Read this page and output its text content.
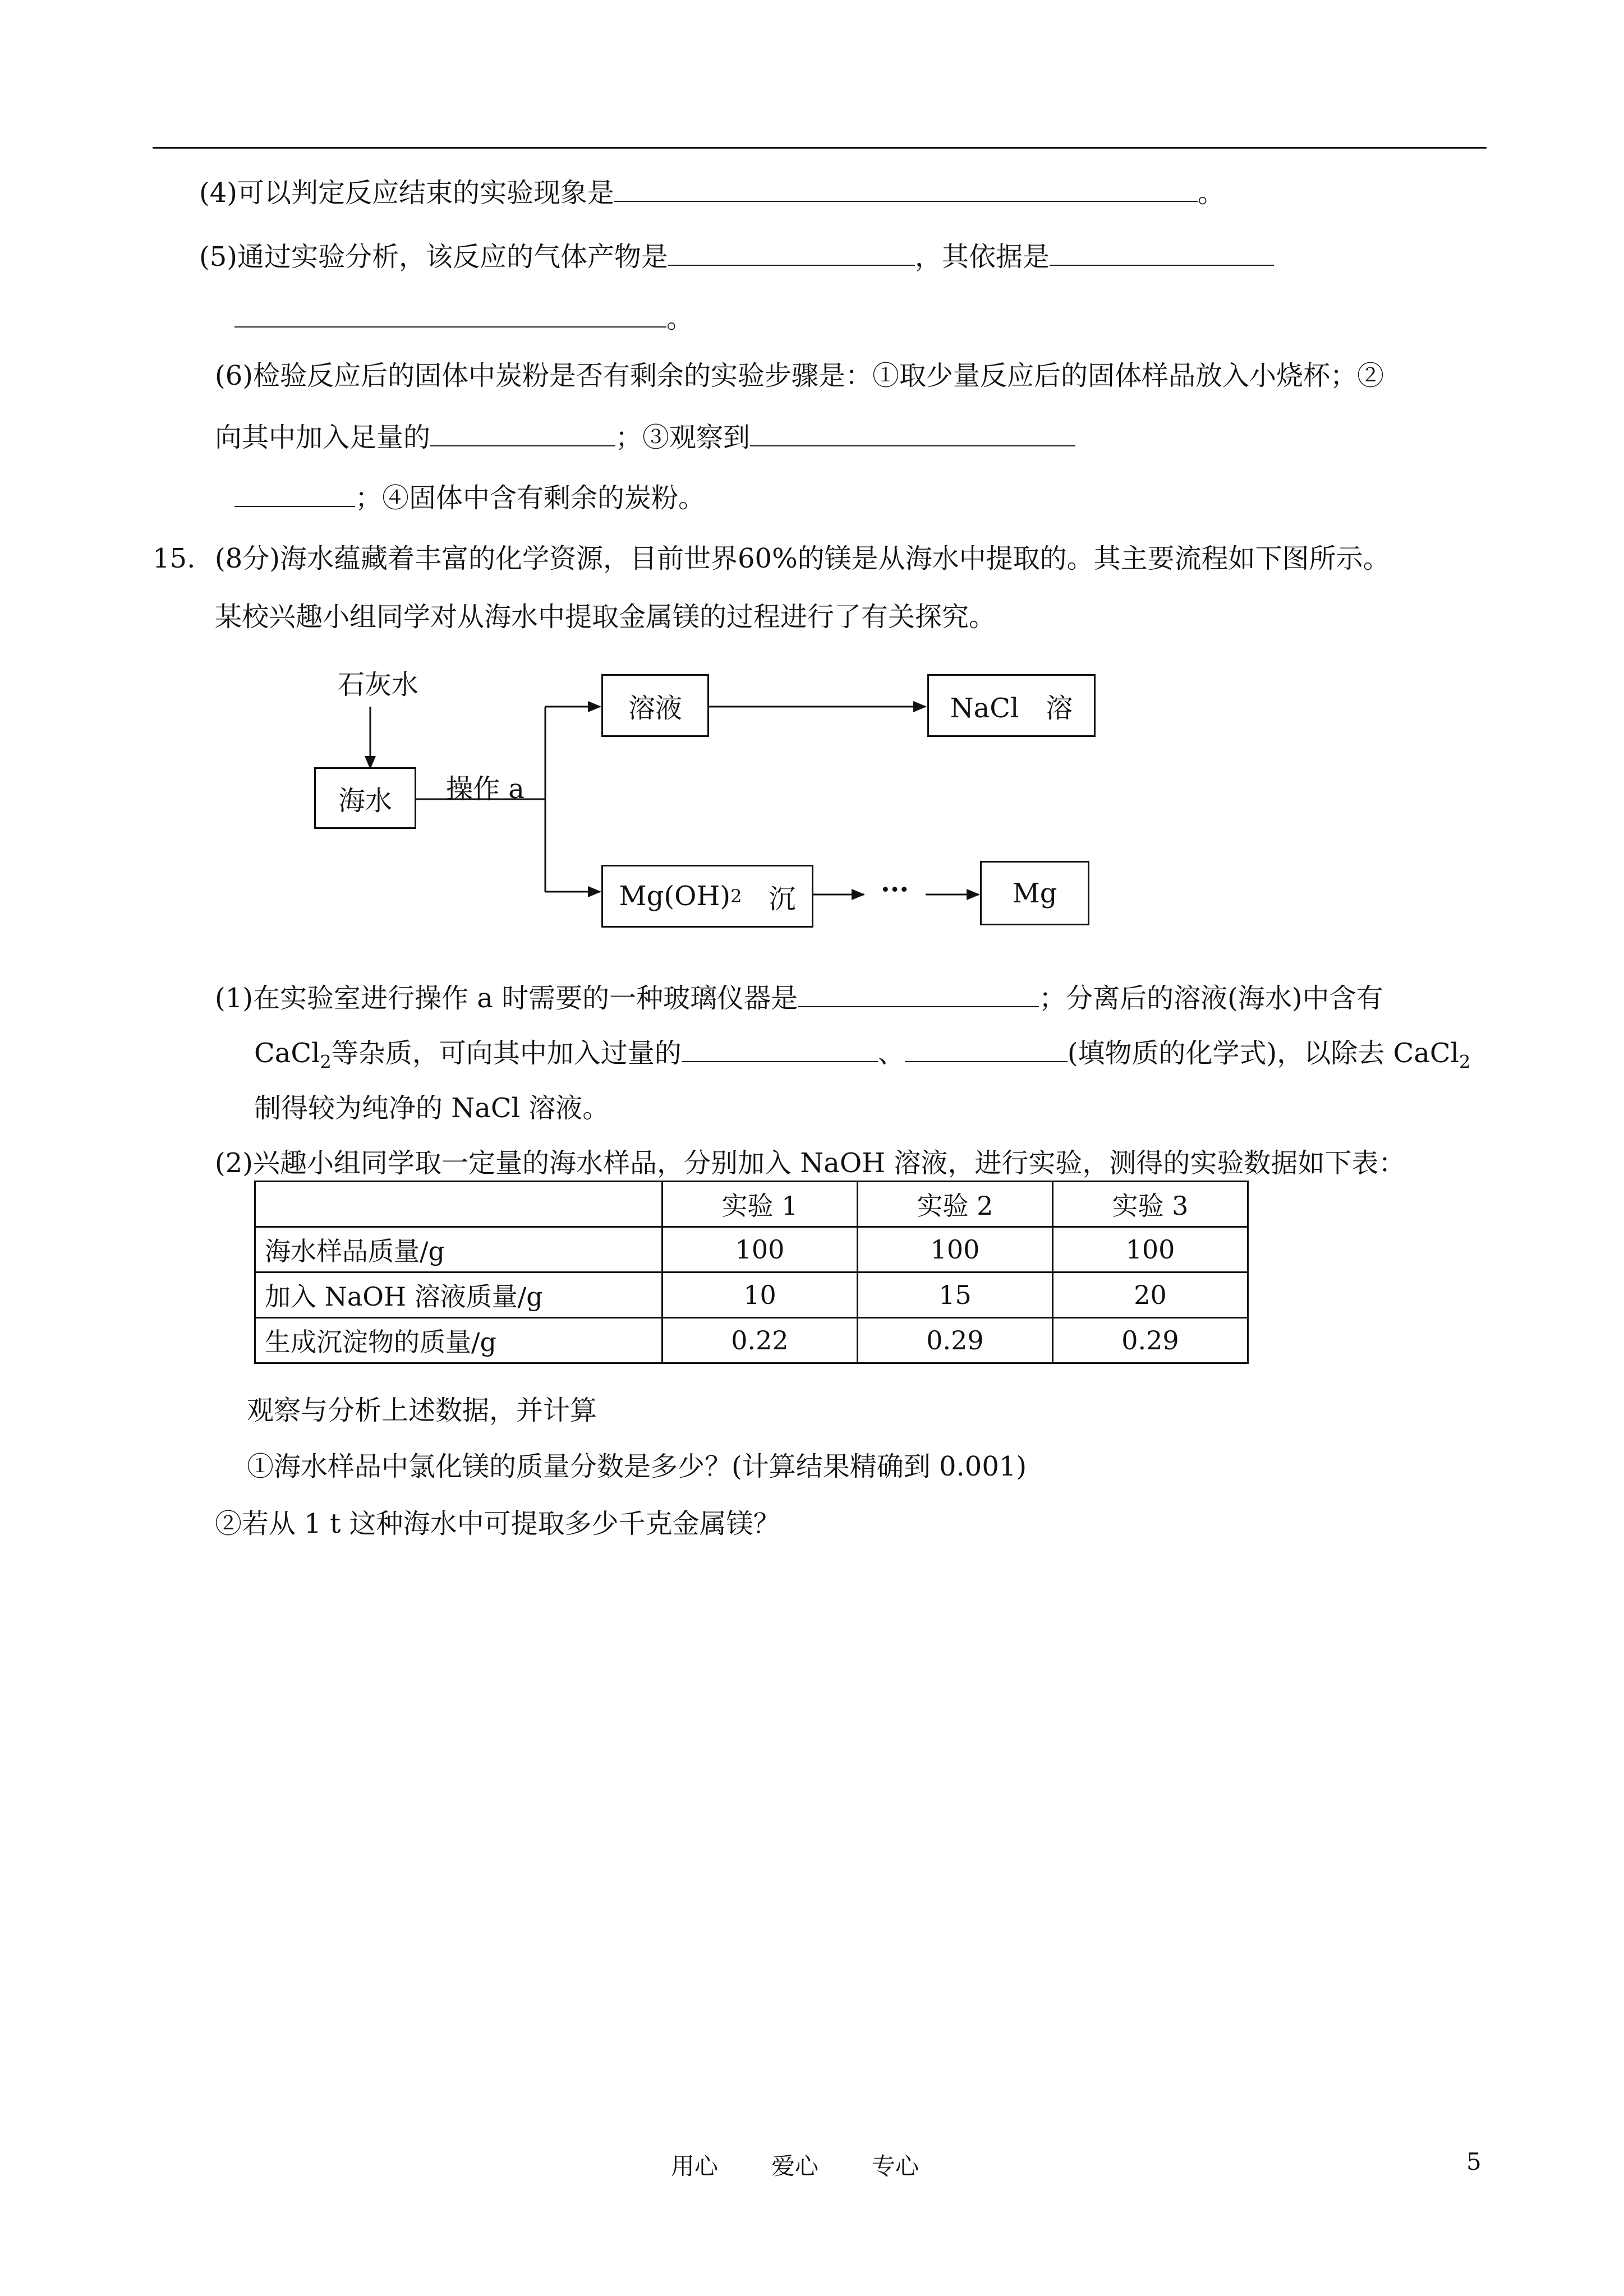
(4)可以判定反应结束的实验现象是	。
(5)通过实验分析，该反应的气体产物是	，其依据是
。
(6)检验反应后的固体中炭粉是否有剩余的实验步骤是：①取少量反应后的固体样品放入小烧杯；②
向其中加入足量的	；③观察到
；④固体中含有剩余的炭粉。
15. (8分)海水蕴藏着丰富的化学资源，目前世界60%的镁是从海水中提取的。其主要流程如下图所示。
某校兴趣小组同学对从海水中提取金属镁的过程进行了有关探究。
石灰水
海水	操作 a
溶液	NaCl　溶
Mg(OH) 2 　沉	···	Mg
(1)在实验室进行操作 a 时需要的一种玻璃仪器是	；分离后的溶液(海水)中含有
CaCl$_2$等杂质，可向其中加入过量的	、	(填物质的化学式)，以除去 CaCl$_2$
制得较为纯净的 NaCl 溶液。
(2)兴趣小组同学取一定量的海水样品，分别加入 NaOH 溶液，进行实验，测得的实验数据如下表：
	实验 1	实验 2	实验 3
海水样品质量/g	100	100	100
加入 NaOH 溶液质量/g	10	15	20
生成沉淀物的质量/g	0.22	0.29	0.29
观察与分析上述数据，并计算
①海水样品中氯化镁的质量分数是多少？(计算结果精确到 0.001)
②若从 1 t 这种海水中可提取多少千克金属镁？
用心 爱心 专心	5
